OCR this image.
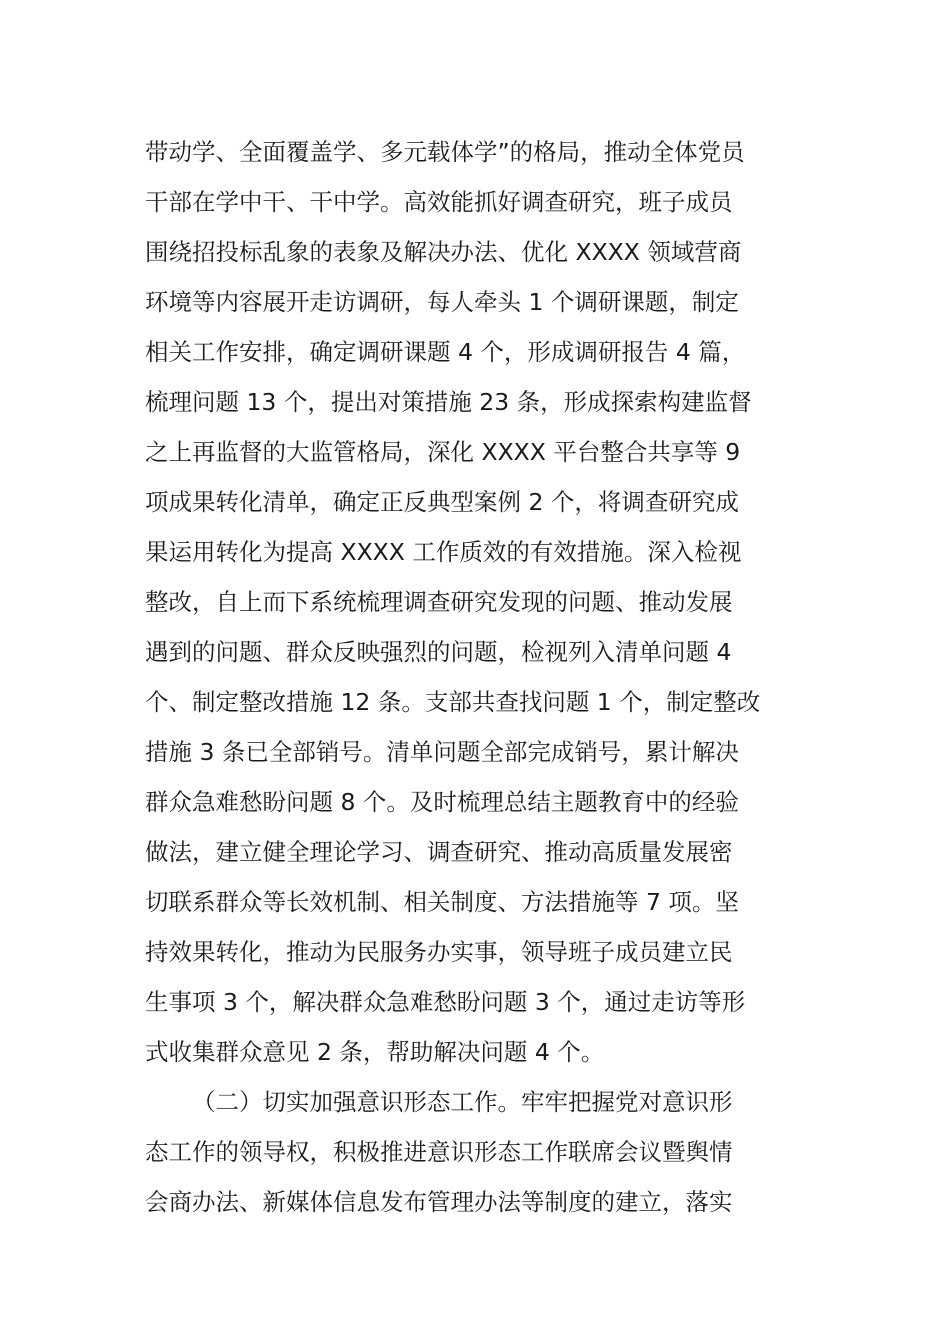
带动学、全面覆盖学、多元载体学”的格局，推动全体党员
干部在学中干、干中学。高效能抓好调查研究，班子成员
围绕招投标乱象的表象及解决办法、优化 XXXX 领域营商
环境等内容展开走访调研，每人牵头 1 个调研课题，制定
相关工作安排，确定调研课题 4 个，形成调研报告 4 篇，
梳理问题 13 个，提出对策措施 23 条，形成探索构建监督
之上再监督的大监管格局，深化 XXXX 平台整合共享等 9
项成果转化清单，确定正反典型案例 2 个，将调查研究成
果运用转化为提高 XXXX 工作质效的有效措施。深入检视
整改，自上而下系统梳理调查研究发现的问题、推动发展
遇到的问题、群众反映强烈的问题，检视列入清单问题 4
个、制定整改措施 12 条。支部共查找问题 1 个，制定整改
措施 3 条已全部销号。清单问题全部完成销号，累计解决
群众急难愁盼问题 8 个。及时梳理总结主题教育中的经验
做法，建立健全理论学习、调查研究、推动高质量发展密
切联系群众等长效机制、相关制度、方法措施等 7 项。坚
持效果转化，推动为民服务办实事，领导班子成员建立民
生事项 3 个，解决群众急难愁盼问题 3 个，通过走访等形
式收集群众意见 2 条，帮助解决问题 4 个。
（二）切实加强意识形态工作。牢牢把握党对意识形
态工作的领导权，积极推进意识形态工作联席会议暨舆情
会商办法、新媒体信息发布管理办法等制度的建立，落实
